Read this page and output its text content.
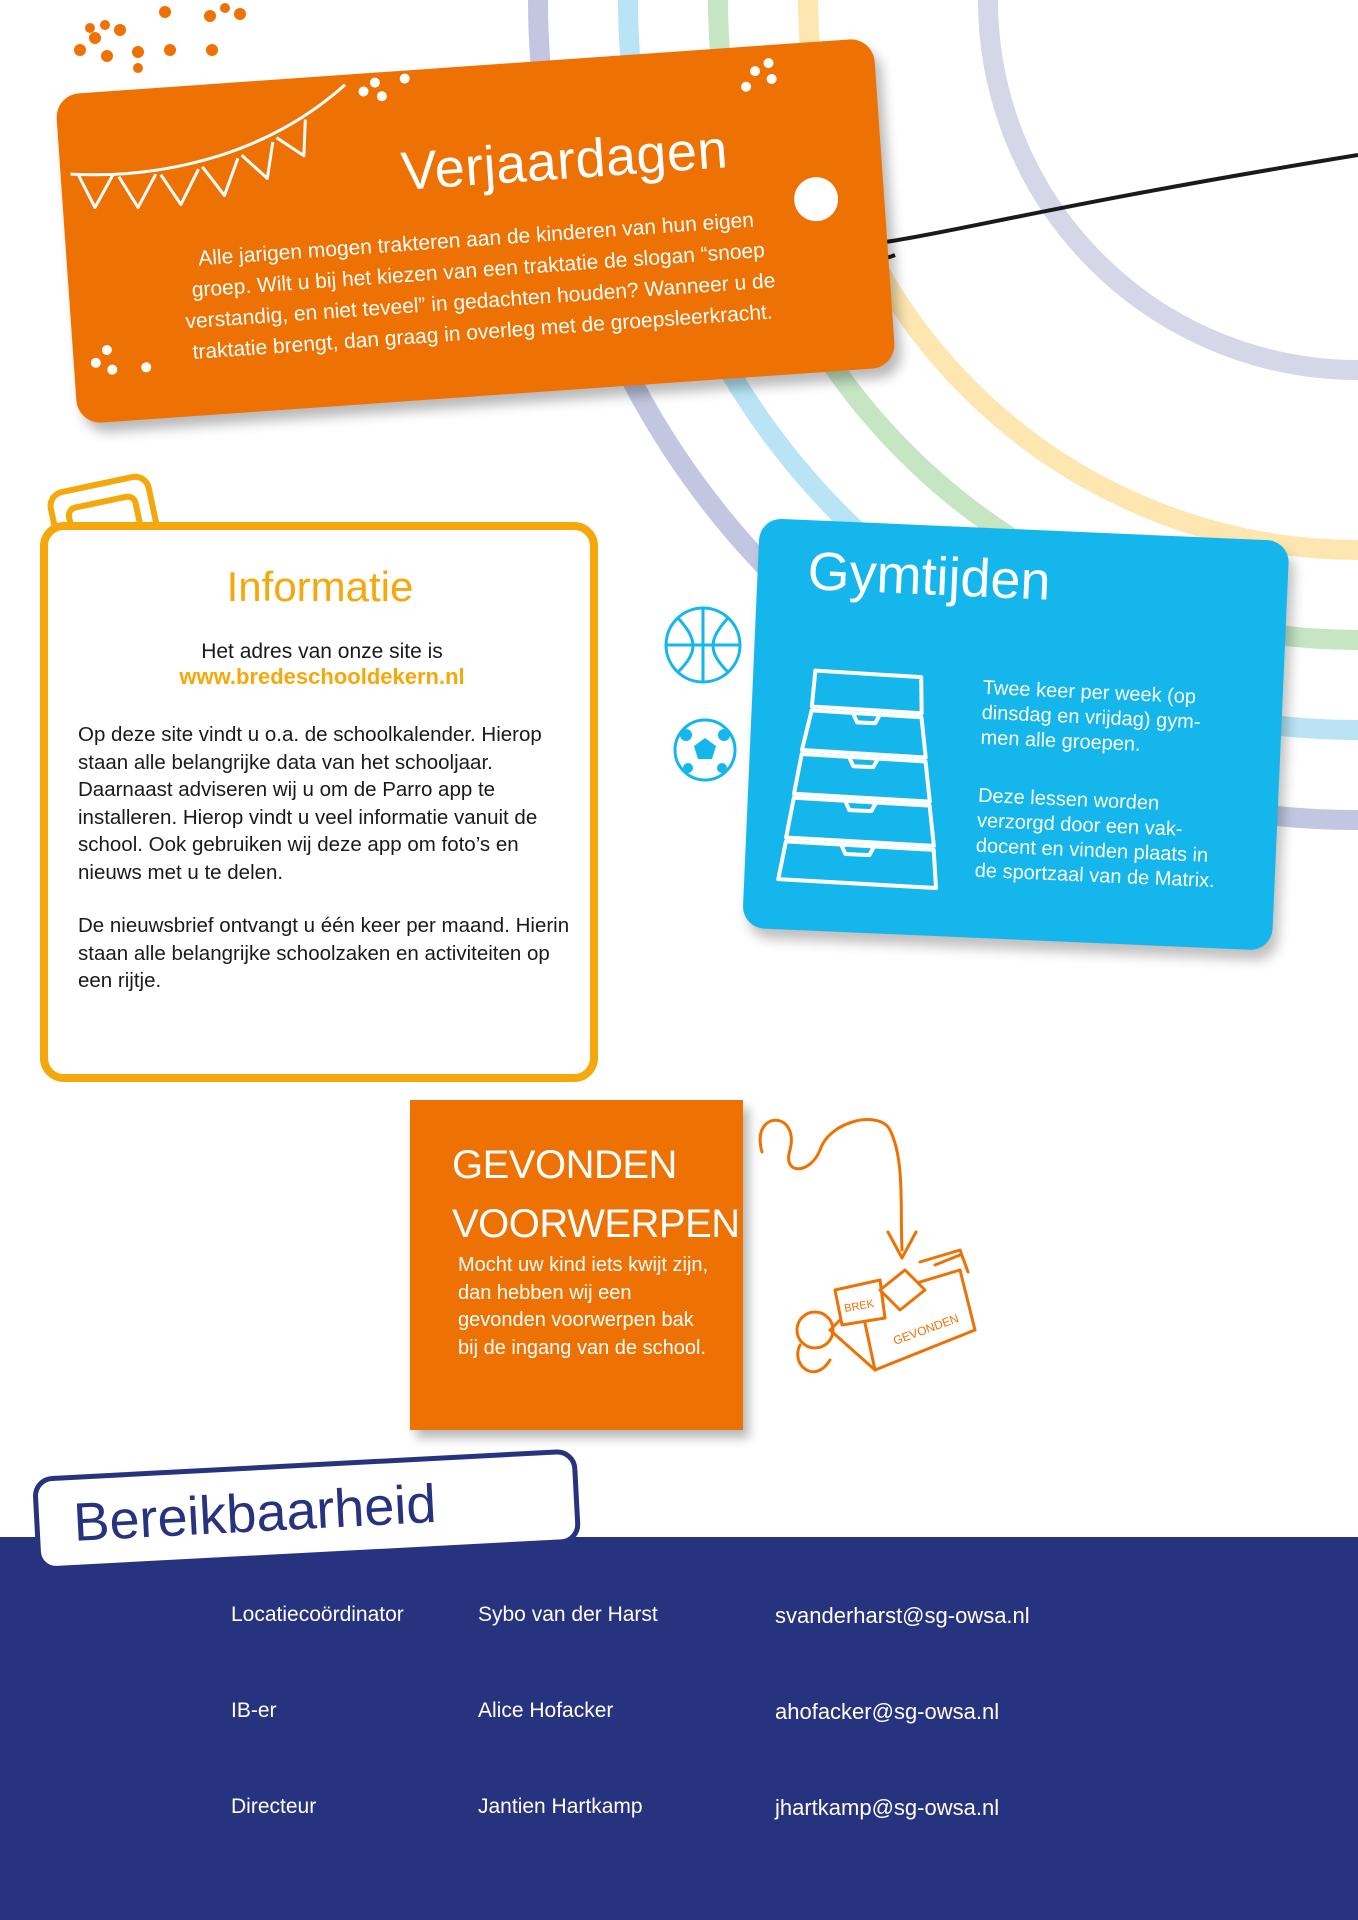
BREK
GEVONDEN
Verjaardagen

Alle jarigen mogen trakteren aan de kinderen van hun eigen groep. Wilt u bij het kiezen van een traktatie de slogan “snoep verstandig, en niet teveel” in gedachten houden? Wanneer u de traktatie brengt, dan graag in overleg met de groepsleerkracht.

Informatie
Het adres van onze site is
www.bredeschooldekern.nl

Op deze site vindt u o.a. de schoolkalender. Hierop staan alle belangrijke data van het schooljaar. Daarnaast adviseren wij u om de Parro app te installeren. Hierop vindt u veel informatie vanuit de school. Ook gebruiken wij deze app om foto’s en nieuws met u te delen.

De nieuwsbrief ontvangt u één keer per maand. Hierin staan alle belangrijke schoolzaken en activiteiten op een rijtje.

Gymtijden

Twee keer per week (op dinsdag en vrijdag) gym-men alle groepen.

Deze lessen worden verzorgd door een vak-docent en vinden plaats in de sportzaal van de Matrix.

GEVONDEN
VOORWERPEN

Mocht uw kind iets kwijt zijn, dan hebben wij een gevonden voorwerpen bak bij de ingang van de school.

Bereikbaarheid
Locatiecoördinator	Sybo van der Harst	svanderharst@sg-owsa.nl
IB-er	Alice Hofacker	ahofacker@sg-owsa.nl
Directeur	Jantien Hartkamp	jhartkamp@sg-owsa.nl
